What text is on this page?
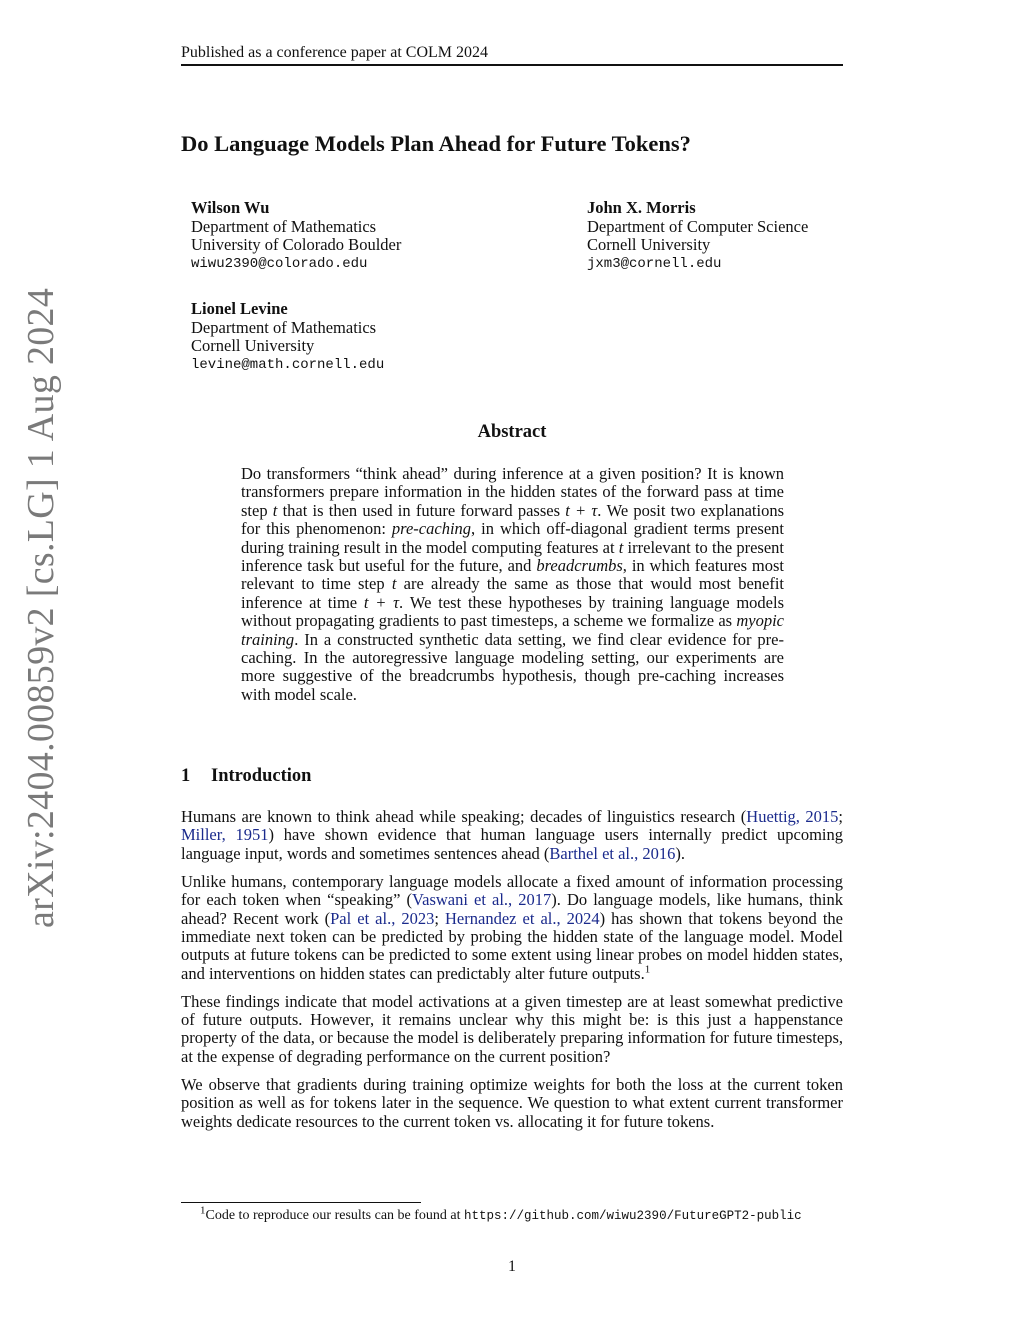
Published as a conference paper at COLM 2024
arXiv:2404.00859v2 [cs.LG] 1 Aug 2024
Do Language Models Plan Ahead for Future Tokens?
Wilson Wu
Department of Mathematics
University of Colorado Boulder
wiwu2390@colorado.edu
John X. Morris
Department of Computer Science
Cornell University
jxm3@cornell.edu
Lionel Levine
Department of Mathematics
Cornell University
levine@math.cornell.edu
Abstract
Do transformers “think ahead” during inference at a given position? It is known transformers prepare information in the hidden states of the forward pass at time step t that is then used in future forward passes t + τ. We posit two explanations for this phenomenon: pre-caching, in which off-diagonal gradient terms present during training result in the model computing features at t irrelevant to the present inference task but useful for the future, and breadcrumbs, in which features most relevant to time step t are already the same as those that would most benefit inference at time t + τ. We test these hypotheses by training language models without propagating gradients to past timesteps, a scheme we formalize as myopic training. In a constructed synthetic data setting, we find clear evidence for pre-caching. In the autoregressive language modeling setting, our experiments are more suggestive of the breadcrumbs hypothesis, though pre-caching increases with model scale.
1 Introduction

Humans are known to think ahead while speaking; decades of linguistics research (Huettig, 2015; Miller, 1951) have shown evidence that human language users internally predict upcoming language input, words and sometimes sentences ahead (Barthel et al., 2016).

Unlike humans, contemporary language models allocate a fixed amount of information processing for each token when “speaking” (Vaswani et al., 2017). Do language models, like humans, think ahead? Recent work (Pal et al., 2023; Hernandez et al., 2024) has shown that tokens beyond the immediate next token can be predicted by probing the hidden state of the language model. Model outputs at future tokens can be predicted to some extent using linear probes on model hidden states, and interventions on hidden states can predictably alter future outputs.$^1$

These findings indicate that model activations at a given timestep are at least somewhat predictive of future outputs. However, it remains unclear why this might be: is this just a happenstance property of the data, or because the model is deliberately preparing information for future timesteps, at the expense of degrading performance on the current position?

We observe that gradients during training optimize weights for both the loss at the current token position as well as for tokens later in the sequence. We question to what extent current transformer weights dedicate resources to the current token vs. allocating it for future tokens.

$^1$Code to reproduce our results can be found at https://github.com/wiwu2390/FutureGPT2-public
1
